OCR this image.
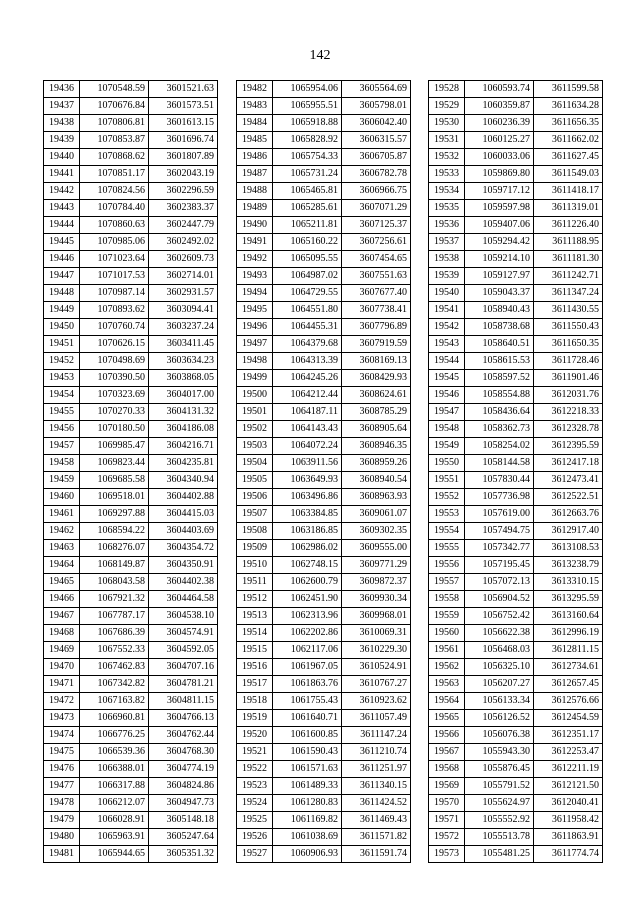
142
19436	1070548.59	3601521.63
19437	1070676.84	3601573.51
19438	1070806.81	3601613.15
19439	1070853.87	3601696.74
19440	1070868.62	3601807.89
19441	1070851.17	3602043.19
19442	1070824.56	3602296.59
19443	1070784.40	3602383.37
19444	1070860.63	3602447.79
19445	1070985.06	3602492.02
19446	1071023.64	3602609.73
19447	1071017.53	3602714.01
19448	1070987.14	3602931.57
19449	1070893.62	3603094.41
19450	1070760.74	3603237.24
19451	1070626.15	3603411.45
19452	1070498.69	3603634.23
19453	1070390.50	3603868.05
19454	1070323.69	3604017.00
19455	1070270.33	3604131.32
19456	1070180.50	3604186.08
19457	1069985.47	3604216.71
19458	1069823.44	3604235.81
19459	1069685.58	3604340.94
19460	1069518.01	3604402.88
19461	1069297.88	3604415.03
19462	1068594.22	3604403.69
19463	1068276.07	3604354.72
19464	1068149.87	3604350.91
19465	1068043.58	3604402.38
19466	1067921.32	3604464.58
19467	1067787.17	3604538.10
19468	1067686.39	3604574.91
19469	1067552.33	3604592.05
19470	1067462.83	3604707.16
19471	1067342.82	3604781.21
19472	1067163.82	3604811.15
19473	1066960.81	3604766.13
19474	1066776.25	3604762.44
19475	1066539.36	3604768.30
19476	1066388.01	3604774.19
19477	1066317.88	3604824.86
19478	1066212.07	3604947.73
19479	1066028.91	3605148.18
19480	1065963.91	3605247.64
19481	1065944.65	3605351.32
19482	1065954.06	3605564.69
19483	1065955.51	3605798.01
19484	1065918.88	3606042.40
19485	1065828.92	3606315.57
19486	1065754.33	3606705.87
19487	1065731.24	3606782.78
19488	1065465.81	3606966.75
19489	1065285.61	3607071.29
19490	1065211.81	3607125.37
19491	1065160.22	3607256.61
19492	1065095.55	3607454.65
19493	1064987.02	3607551.63
19494	1064729.55	3607677.40
19495	1064551.80	3607738.41
19496	1064455.31	3607796.89
19497	1064379.68	3607919.59
19498	1064313.39	3608169.13
19499	1064245.26	3608429.93
19500	1064212.44	3608624.61
19501	1064187.11	3608785.29
19502	1064143.43	3608905.64
19503	1064072.24	3608946.35
19504	1063911.56	3608959.26
19505	1063649.93	3608940.54
19506	1063496.86	3608963.93
19507	1063384.85	3609061.07
19508	1063186.85	3609302.35
19509	1062986.02	3609555.00
19510	1062748.15	3609771.29
19511	1062600.79	3609872.37
19512	1062451.90	3609930.34
19513	1062313.96	3609968.01
19514	1062202.86	3610069.31
19515	1062117.06	3610229.30
19516	1061967.05	3610524.91
19517	1061863.76	3610767.27
19518	1061755.43	3610923.62
19519	1061640.71	3611057.49
19520	1061600.85	3611147.24
19521	1061590.43	3611210.74
19522	1061571.63	3611251.97
19523	1061489.33	3611340.15
19524	1061280.83	3611424.52
19525	1061169.82	3611469.43
19526	1061038.69	3611571.82
19527	1060906.93	3611591.74
19528	1060593.74	3611599.58
19529	1060359.87	3611634.28
19530	1060236.39	3611656.35
19531	1060125.27	3611662.02
19532	1060033.06	3611627.45
19533	1059869.80	3611549.03
19534	1059717.12	3611418.17
19535	1059597.98	3611319.01
19536	1059407.06	3611226.40
19537	1059294.42	3611188.95
19538	1059214.10	3611181.30
19539	1059127.97	3611242.71
19540	1059043.37	3611347.24
19541	1058940.43	3611430.55
19542	1058738.68	3611550.43
19543	1058640.51	3611650.35
19544	1058615.53	3611728.46
19545	1058597.52	3611901.46
19546	1058554.88	3612031.76
19547	1058436.64	3612218.33
19548	1058362.73	3612328.78
19549	1058254.02	3612395.59
19550	1058144.58	3612417.18
19551	1057830.44	3612473.41
19552	1057736.98	3612522.51
19553	1057619.00	3612663.76
19554	1057494.75	3612917.40
19555	1057342.77	3613108.53
19556	1057195.45	3613238.79
19557	1057072.13	3613310.15
19558	1056904.52	3613295.59
19559	1056752.42	3613160.64
19560	1056622.38	3612996.19
19561	1056468.03	3612811.15
19562	1056325.10	3612734.61
19563	1056207.27	3612657.45
19564	1056133.34	3612576.66
19565	1056126.52	3612454.59
19566	1056076.38	3612351.17
19567	1055943.30	3612253.47
19568	1055876.45	3612211.19
19569	1055791.52	3612121.50
19570	1055624.97	3612040.41
19571	1055552.92	3611958.42
19572	1055513.78	3611863.91
19573	1055481.25	3611774.74
